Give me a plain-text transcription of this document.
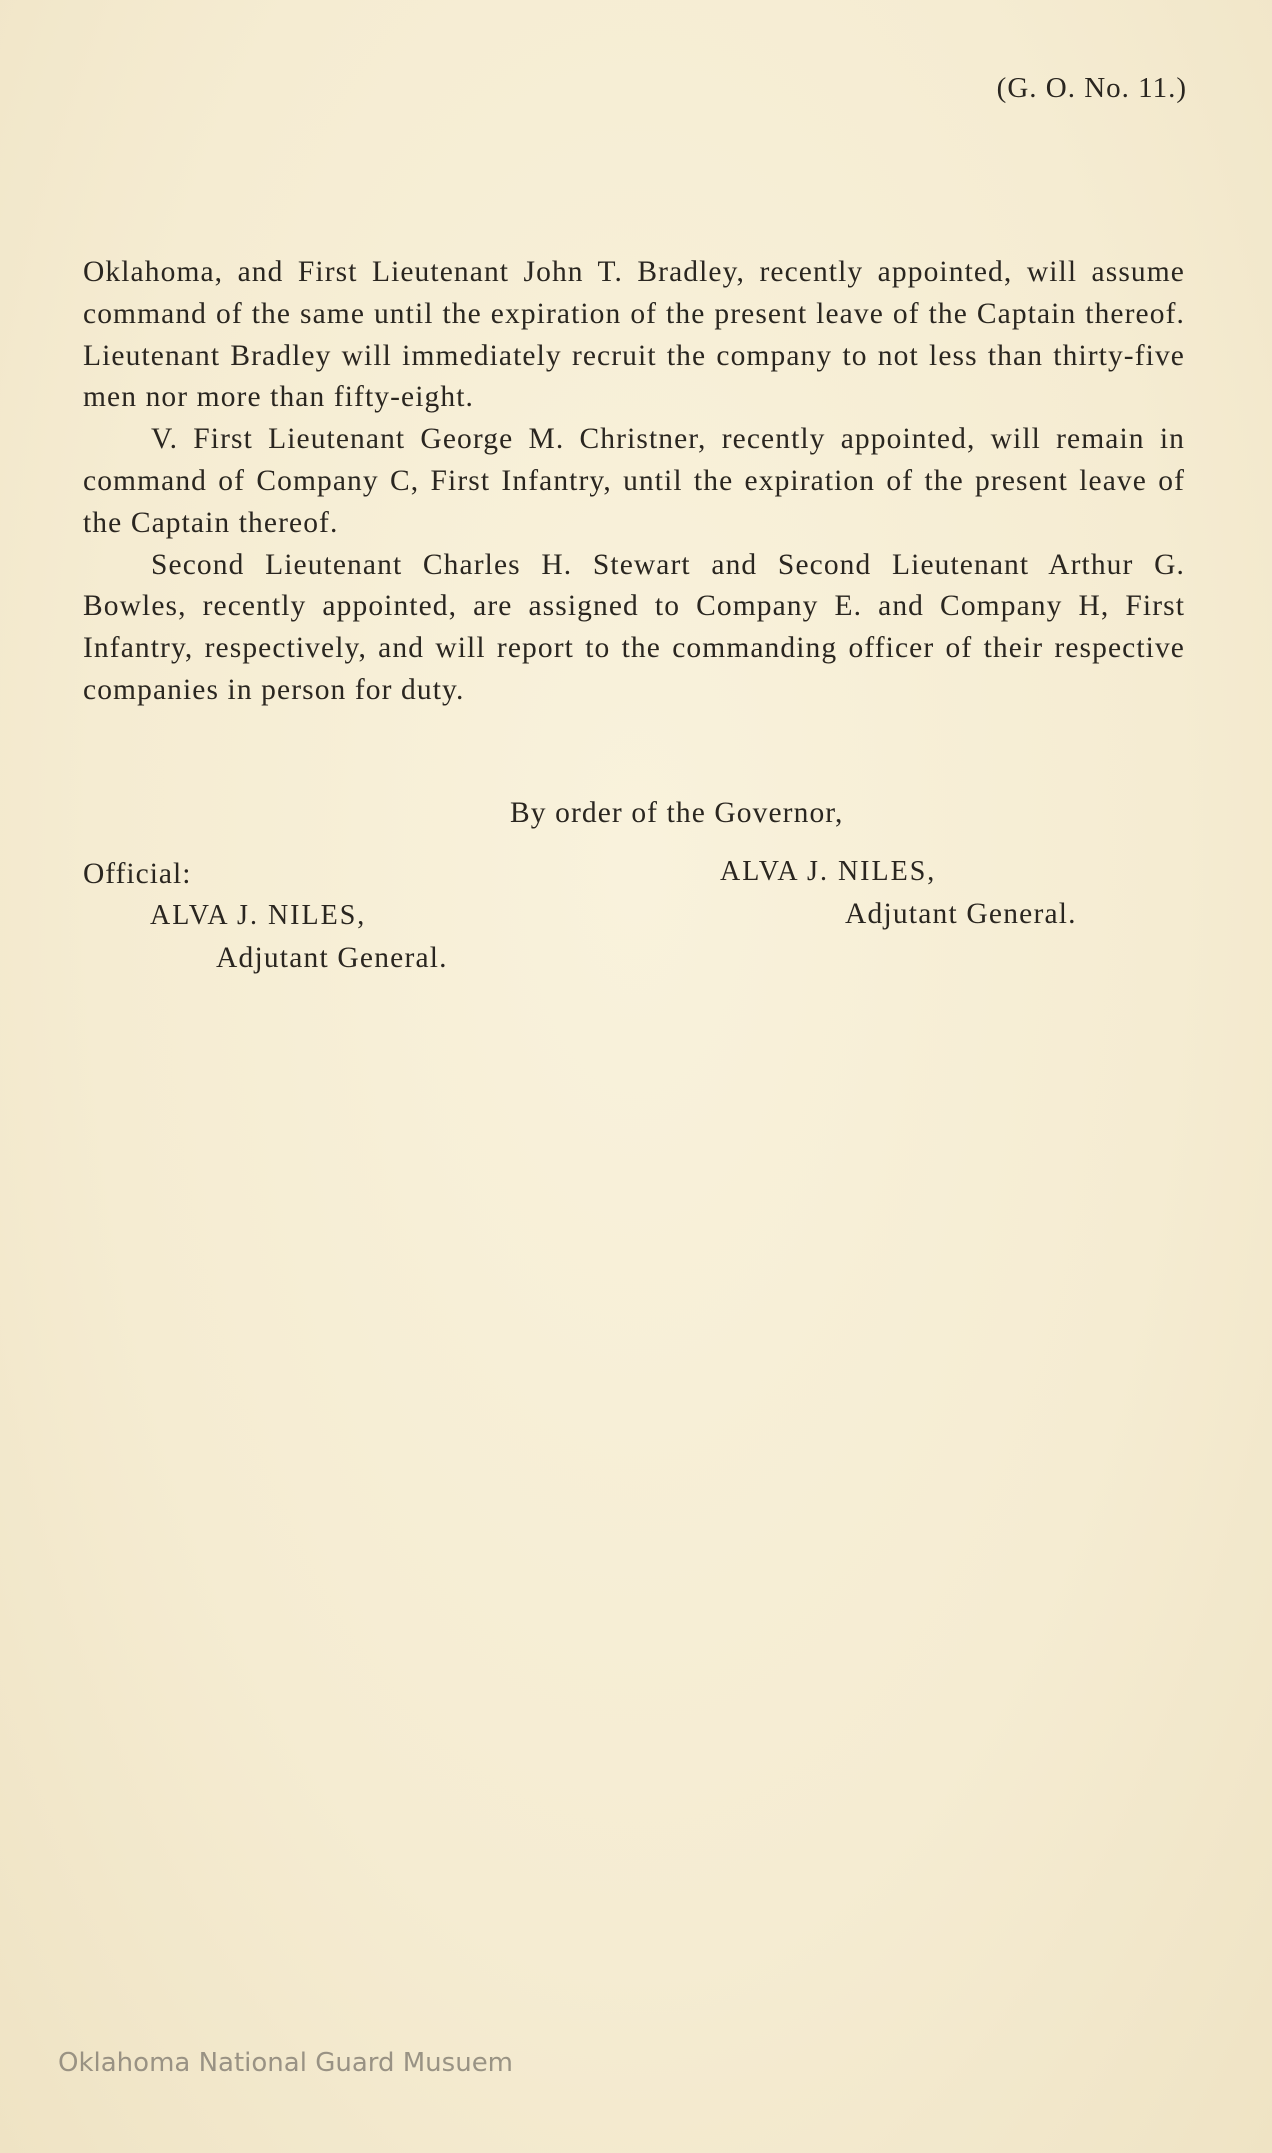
(G. O. No. 11.)

Oklahoma, and First Lieutenant John T. Bradley, recently appointed, will assume command of the same until the expiration of the present leave of the Captain thereof. Lieutenant Bradley will immediately recruit the company to not less than thirty-five men nor more than fifty-eight.

V. First Lieutenant George M. Christner, recently appointed, will remain in command of Company C, First Infantry, until the expiration of the present leave of the Captain thereof.

Second Lieutenant Charles H. Stewart and Second Lieutenant Arthur G. Bowles, recently appointed, are assigned to Company E. and Company H, First Infantry, respectively, and will report to the commanding officer of their respective companies in person for duty.

By order of the Governor,
Official:
ALVA J. NILES,
Adjutant General.
ALVA J. NILES,
Adjutant General.
Oklahoma National Guard Musuem
